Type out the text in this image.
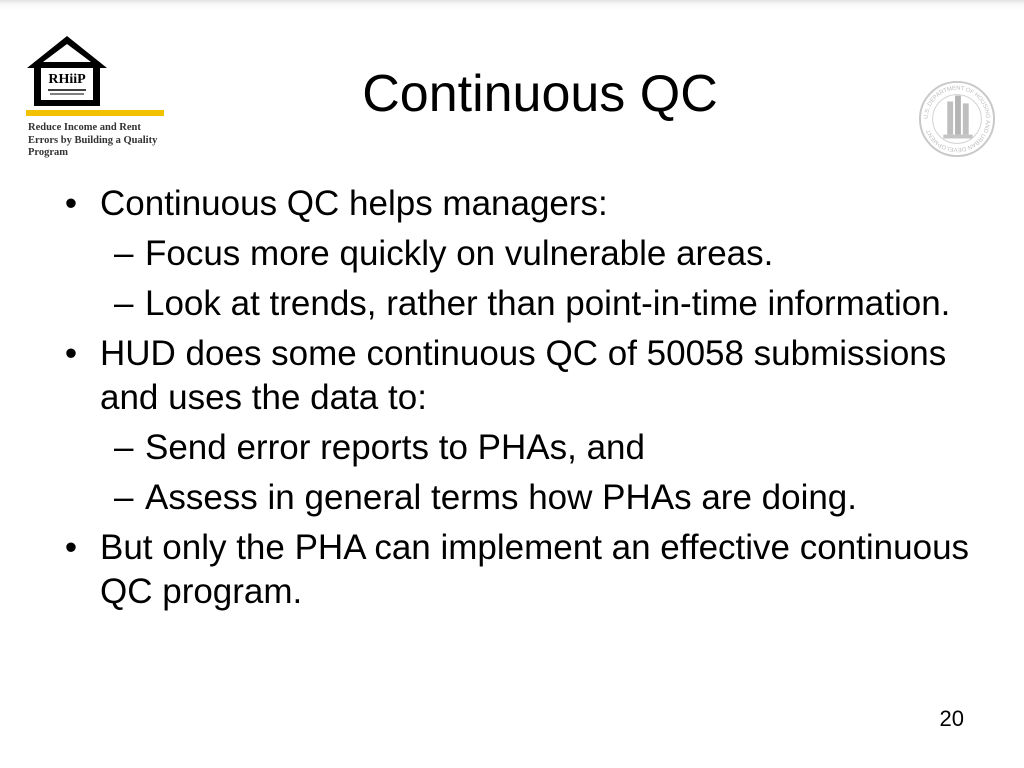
RHiiP
Reduce Income and Rent
Errors by Building a Quality
Program
Continuous QC	U.S. DEPARTMENT OF HOUSING AND URBAN DEVELOPMENT
• Continuous QC helps managers:
– Focus more quickly on vulnerable areas.
– Look at trends, rather than point-in-time information.
• HUD does some continuous QC of 50058 submissions and uses the data to:
– Send error reports to PHAs, and
– Assess in general terms how PHAs are doing.
• But only the PHA can implement an effective continuous QC program.
20
